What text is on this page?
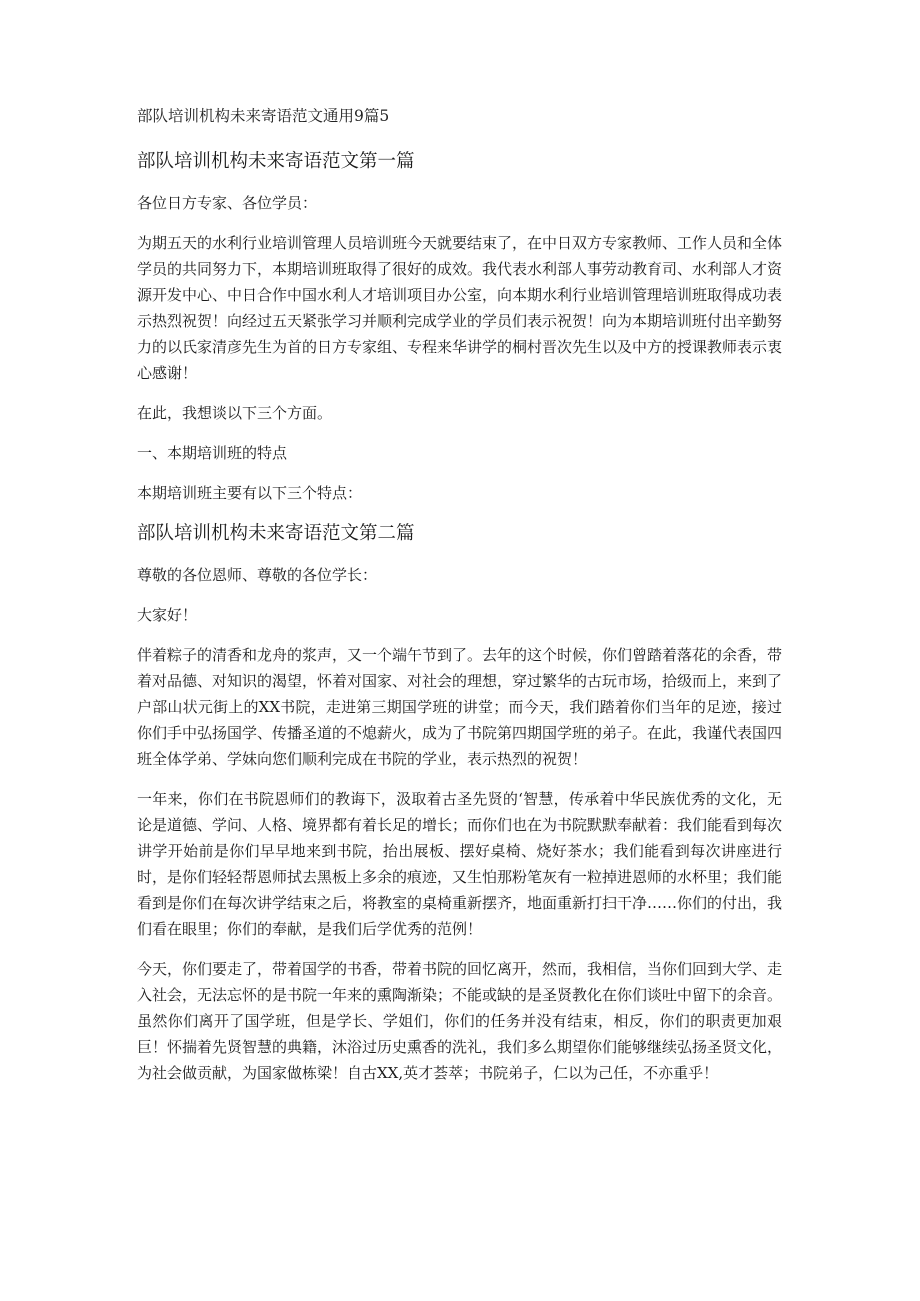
部队培训机构未来寄语范文通用9篇5
部队培训机构未来寄语范文第一篇

各位日方专家、各位学员：

为期五天的水利行业培训管理人员培训班今天就要结束了，在中日双方专家教师、工作人员和全体学员的共同努力下，本期培训班取得了很好的成效。我代表水利部人事劳动教育司、水利部人才资源开发中心、中日合作中国水利人才培训项目办公室，向本期水利行业培训管理培训班取得成功表示热烈祝贺！向经过五天紧张学习并顺利完成学业的学员们表示祝贺！向为本期培训班付出辛勤努力的以氏家清彦先生为首的日方专家组、专程来华讲学的桐村晋次先生以及中方的授课教师表示衷心感谢！

在此，我想谈以下三个方面。

一、本期培训班的特点

本期培训班主要有以下三个特点：

部队培训机构未来寄语范文第二篇

尊敬的各位恩师、尊敬的各位学长：

大家好！

伴着粽子的清香和龙舟的浆声，又一个端午节到了。去年的这个时候，你们曾踏着落花的余香，带着对品德、对知识的渴望，怀着对国家、对社会的理想，穿过繁华的古玩市场，拾级而上，来到了户部山状元街上的XX书院，走进第三期国学班的讲堂；而今天，我们踏着你们当年的足迹，接过你们手中弘扬国学、传播圣道的不熄薪火，成为了书院第四期国学班的弟子。在此，我谨代表国四班全体学弟、学妹向您们顺利完成在书院的学业，表示热烈的祝贺！

一年来，你们在书院恩师们的教诲下，汲取着古圣先贤的‘智慧，传承着中华民族优秀的文化，无论是道德、学问、人格、境界都有着长足的增长；而你们也在为书院默默奉献着：我们能看到每次讲学开始前是你们早早地来到书院，抬出展板、摆好桌椅、烧好茶水；我们能看到每次讲座进行时，是你们轻轻帮恩师拭去黑板上多余的痕迹，又生怕那粉笔灰有一粒掉进恩师的水杯里；我们能看到是你们在每次讲学结束之后，将教室的桌椅重新摆齐，地面重新打扫干净……你们的付出，我们看在眼里；你们的奉献，是我们后学优秀的范例！

今天，你们要走了，带着国学的书香，带着书院的回忆离开，然而，我相信，当你们回到大学、走入社会，无法忘怀的是书院一年来的熏陶渐染；不能或缺的是圣贤教化在你们谈吐中留下的余音。虽然你们离开了国学班，但是学长、学姐们，你们的任务并没有结束，相反，你们的职责更加艰巨！怀揣着先贤智慧的典籍，沐浴过历史熏香的洗礼，我们多么期望你们能够继续弘扬圣贤文化，为社会做贡献，为国家做栋梁！自古XX,英才荟萃；书院弟子，仁以为己任，不亦重乎！
